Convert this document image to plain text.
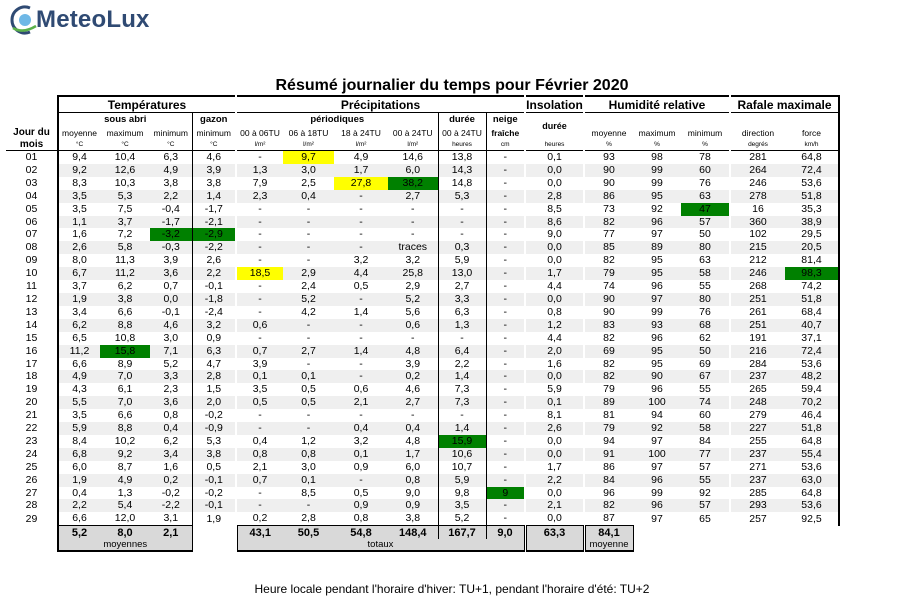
MeteoLux
Résumé journalier du temps pour Février 2020
	Températures					Précipitations							Insolation		Humidité relative				Rafale maximale	
	sous abri			gazon		périodiques				durée	neige		durée							
Jour du	moyenne	maximum	minimum	minimum		00 à 06TU	06 à 18TU	18 à 24TU	00 à 24TU	00 à 24TU	fraîche				moyenne	maximum	minimum		direction	force
mois	°C	°C	°C	°C		l/m²	l/m²	l/m²	l/m²	heures	cm		heures		%	%	%		degrés	km/h
01	9,4	10,4	6,3	4,6		-	9,7	4,9	14,6	13,8	-		0,1		93	98	78		281	64,8
02	9,2	12,6	4,9	3,9		1,3	3,0	1,7	6,0	14,3	-		0,0		90	99	60		264	72,4
03	8,3	10,3	3,8	3,8		7,9	2,5	27,8	38,2	14,8	-		0,0		90	99	76		246	53,6
04	3,5	5,3	2,2	1,4		2,3	0,4	-	2,7	5,3	-		2,8		86	95	63		278	51,8
05	3,5	7,5	-0,4	-1,7		-	-	-	-	-	-		8,5		73	92	47		16	35,3
06	1,1	3,7	-1,7	-2,1		-	-	-	-	-	-		8,6		82	96	57		360	38,9
07	1,6	7,2	-3,2	-2,9		-	-	-	-	-	-		9,0		77	97	50		102	29,5
08	2,6	5,8	-0,3	-2,2		-	-	-	traces	0,3	-		0,0		85	89	80		215	20,5
09	8,0	11,3	3,9	2,6		-	-	3,2	3,2	5,9	-		0,0		82	95	63		212	81,4
10	6,7	11,2	3,6	2,2		18,5	2,9	4,4	25,8	13,0	-		1,7		79	95	58		246	98,3
11	3,7	6,2	0,7	-0,1		-	2,4	0,5	2,9	2,7	-		4,4		74	96	55		268	74,2
12	1,9	3,8	0,0	-1,8		-	5,2	-	5,2	3,3	-		0,0		90	97	80		251	51,8
13	3,4	6,6	-0,1	-2,4		-	4,2	1,4	5,6	6,3	-		0,8		90	99	76		261	68,4
14	6,2	8,8	4,6	3,2		0,6	-	-	0,6	1,3	-		1,2		83	93	68		251	40,7
15	6,5	10,8	3,0	0,9		-	-	-	-	-	-		4,4		82	96	62		191	37,1
16	11,2	15,8	7,1	6,3		0,7	2,7	1,4	4,8	6,4	-		2,0		69	95	50		216	72,4
17	6,6	8,9	5,2	4,7		3,9	-	-	3,9	2,2	-		1,6		82	95	69		284	53,6
18	4,9	7,0	3,3	2,8		0,1	0,1	-	0,2	1,4	-		0,0		82	90	67		237	48,2
19	4,3	6,1	2,3	1,5		3,5	0,5	0,6	4,6	7,3	-		5,9		79	96	55		265	59,4
20	5,5	7,0	3,6	2,0		0,5	0,5	2,1	2,7	7,3	-		0,1		89	100	74		248	70,2
21	3,5	6,6	0,8	-0,2		-	-	-	-	-	-		8,1		81	94	60		279	46,4
22	5,9	8,8	0,4	-0,9		-	-	0,4	0,4	1,4	-		2,6		79	92	58		227	51,8
23	8,4	10,2	6,2	5,3		0,4	1,2	3,2	4,8	15,9	-		0,0		94	97	84		255	64,8
24	6,8	9,2	3,4	3,8		0,8	0,8	0,1	1,7	10,6	-		0,0		91	100	77		237	55,4
25	6,0	8,7	1,6	0,5		2,1	3,0	0,9	6,0	10,7	-		1,7		86	97	57		271	53,6
26	1,9	4,9	0,2	-0,1		0,7	0,1	-	0,8	5,9	-		2,2		84	96	55		237	63,0
27	0,4	1,3	-0,2	-0,2		-	8,5	0,5	9,0	9,8	9		0,0		96	99	92		285	64,8
28	2,2	5,4	-2,2	-0,1		-	-	0,9	0,9	3,5	-		2,1		82	96	57		293	53,6
29	6,6	12,0	3,1	1,9		0,2	2,8	0,8	3,8	5,2	-		0,0		87	97	65		257	92,5
	5,2	8,0	2,1			43,1	50,5	54,8	148,4	167,7	9,0		63,3		84,1					
	moyennes					totaux									moyenne					
Heure locale pendant l'horaire d'hiver: TU+1, pendant l'horaire d'été: TU+2
